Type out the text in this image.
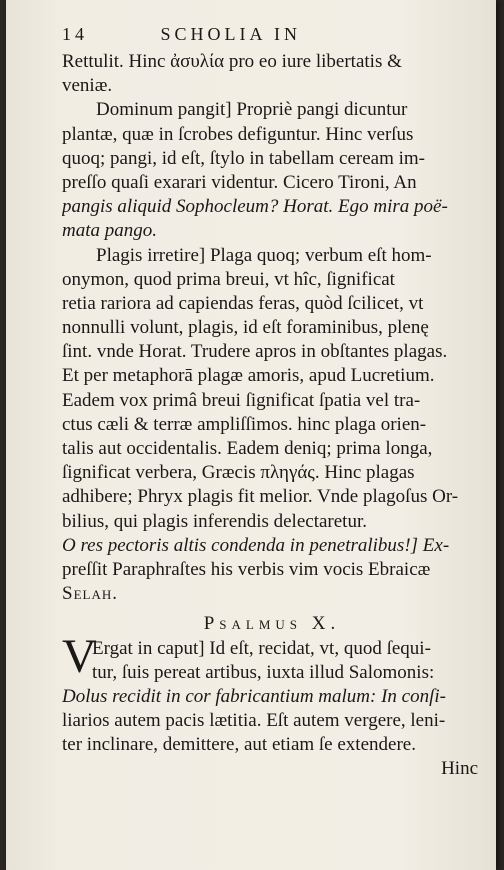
14	SCHOLIA IN
Rettulit. Hinc ἀσυλία pro eo iure libertatis &
veniæ.
Dominum pangit] Propriè pangi dicuntur
plantæ, quæ in ſcrobes defiguntur. Hinc verſus
quoq; pangi, id eſt, ſtylo in tabellam ceream im-
preſſo quaſi exarari videntur. Cicero Tironi, An
pangis aliquid Sophocleum? Horat. Ego mira poë-
mata pango.
Plagis irretire] Plaga quoq; verbum eſt hom-
onymon, quod prima breui, vt hîc, ſignificat
retia rariora ad capiendas feras, quòd ſcilicet, vt
nonnulli volunt, plagis, id eſt foraminibus, plenę
ſint. vnde Horat. Trudere apros in obſtantes plagas.
Et per metaphorā plagæ amoris, apud Lucretium.
Eadem vox primâ breui ſignificat ſpatia vel tra-
ctus cæli & terræ ampliſſimos. hinc plaga orien-
talis aut occidentalis. Eadem deniq; prima longa,
ſignificat verbera, Græcis πληγάς. Hinc plagas
adhibere; Phryx plagis fit melior. Vnde plagoſus Or-
bilius, qui plagis inferendis delectaretur.
O res pectoris altis condenda in penetralibus!] Ex-
preſſit Paraphraſtes his verbis vim vocis Ebraicæ
Selah.
Psalmus X.
V
Ergat in caput] Id eſt, recidat, vt, quod ſequi-
tur, ſuis pereat artibus, iuxta illud Salomonis:
Dolus recidit in cor fabricantium malum: In conſi-
liarios autem pacis lætitia. Eſt autem vergere, leni-
ter inclinare, demittere, aut etiam ſe extendere.
Hinc
